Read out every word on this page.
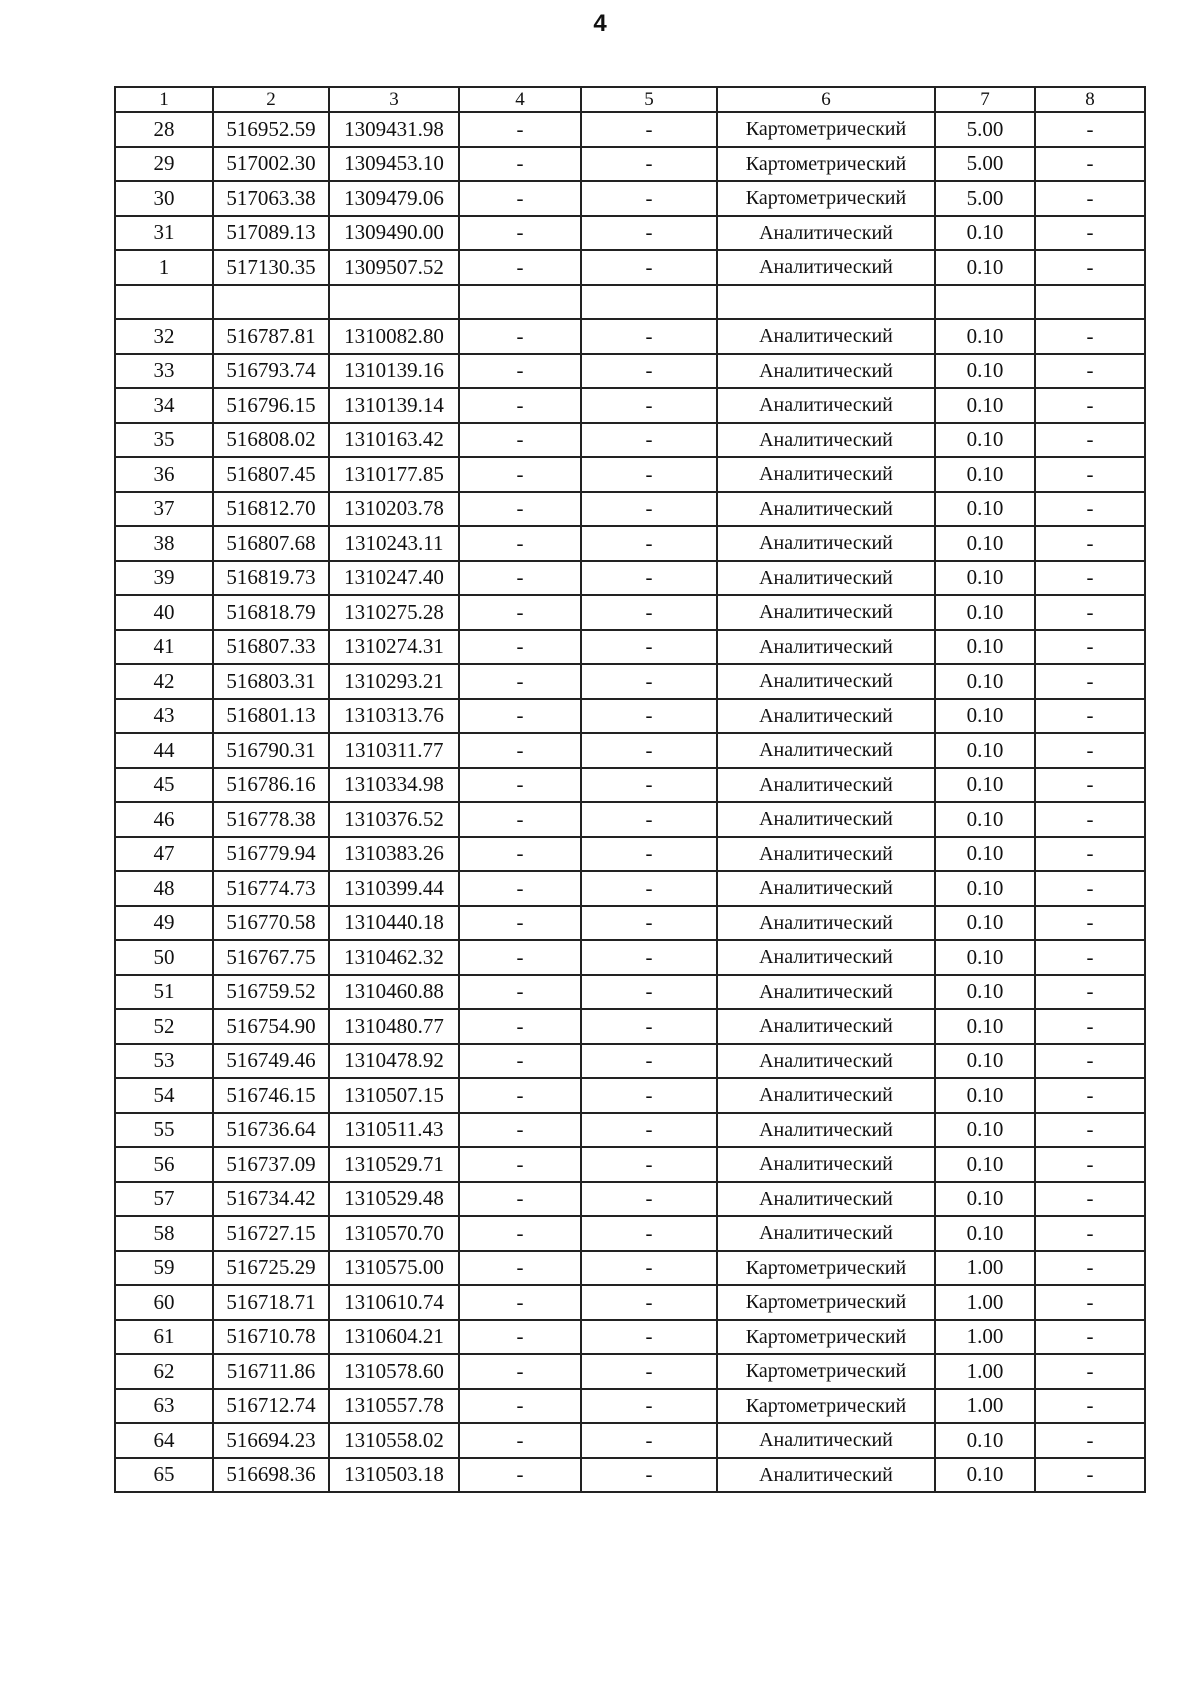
4
1	2	3	4	5	6	7	8
28	516952.59	1309431.98	-	-	Картометрический	5.00	-
29	517002.30	1309453.10	-	-	Картометрический	5.00	-
30	517063.38	1309479.06	-	-	Картометрический	5.00	-
31	517089.13	1309490.00	-	-	Аналитический	0.10	-
1	517130.35	1309507.52	-	-	Аналитический	0.10	-

32	516787.81	1310082.80	-	-	Аналитический	0.10	-
33	516793.74	1310139.16	-	-	Аналитический	0.10	-
34	516796.15	1310139.14	-	-	Аналитический	0.10	-
35	516808.02	1310163.42	-	-	Аналитический	0.10	-
36	516807.45	1310177.85	-	-	Аналитический	0.10	-
37	516812.70	1310203.78	-	-	Аналитический	0.10	-
38	516807.68	1310243.11	-	-	Аналитический	0.10	-
39	516819.73	1310247.40	-	-	Аналитический	0.10	-
40	516818.79	1310275.28	-	-	Аналитический	0.10	-
41	516807.33	1310274.31	-	-	Аналитический	0.10	-
42	516803.31	1310293.21	-	-	Аналитический	0.10	-
43	516801.13	1310313.76	-	-	Аналитический	0.10	-
44	516790.31	1310311.77	-	-	Аналитический	0.10	-
45	516786.16	1310334.98	-	-	Аналитический	0.10	-
46	516778.38	1310376.52	-	-	Аналитический	0.10	-
47	516779.94	1310383.26	-	-	Аналитический	0.10	-
48	516774.73	1310399.44	-	-	Аналитический	0.10	-
49	516770.58	1310440.18	-	-	Аналитический	0.10	-
50	516767.75	1310462.32	-	-	Аналитический	0.10	-
51	516759.52	1310460.88	-	-	Аналитический	0.10	-
52	516754.90	1310480.77	-	-	Аналитический	0.10	-
53	516749.46	1310478.92	-	-	Аналитический	0.10	-
54	516746.15	1310507.15	-	-	Аналитический	0.10	-
55	516736.64	1310511.43	-	-	Аналитический	0.10	-
56	516737.09	1310529.71	-	-	Аналитический	0.10	-
57	516734.42	1310529.48	-	-	Аналитический	0.10	-
58	516727.15	1310570.70	-	-	Аналитический	0.10	-
59	516725.29	1310575.00	-	-	Картометрический	1.00	-
60	516718.71	1310610.74	-	-	Картометрический	1.00	-
61	516710.78	1310604.21	-	-	Картометрический	1.00	-
62	516711.86	1310578.60	-	-	Картометрический	1.00	-
63	516712.74	1310557.78	-	-	Картометрический	1.00	-
64	516694.23	1310558.02	-	-	Аналитический	0.10	-
65	516698.36	1310503.18	-	-	Аналитический	0.10	-
